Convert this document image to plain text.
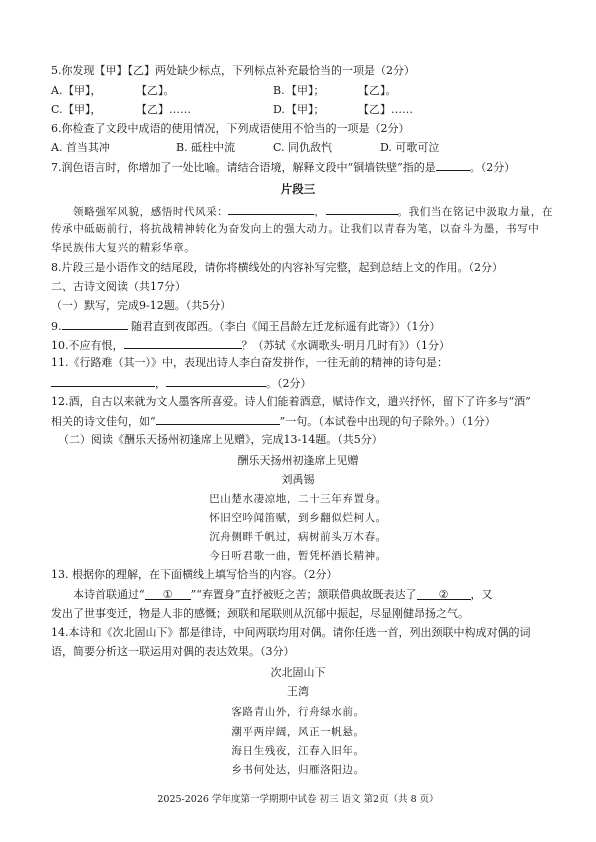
5.你发现【甲】【乙】两处缺少标点，下列标点补充最恰当的一项是（2分）
A. 【甲】，	【乙】。	B. 【甲】；	【乙】。
C. 【甲】，	【乙】……	D. 【甲】；	【乙】……
6.你检查了文段中成语的使用情况，下列成语使用不恰当的一项是（2分）
A. 首当其冲	B. 砥柱中流	C. 同仇敌忾	D. 可歌可泣
7.润色语言时，你增加了一处比喻。请结合语境，解释文段中“铜墙铁壁”指的是	。（2分）
片段三
领略强军风貌，感悟时代风采：	，	。我们当在铭记中汲取力量，在
传承中砥砺前行，将抗战精神转化为奋发向上的强大动力。让我们以青春为笔，以奋斗为墨，书写中
华民族伟大复兴的精彩华章。
8.片段三是小语作文的结尾段，请你将横线处的内容补写完整，起到总结上文的作用。（2分）
二、古诗文阅读（共17分）
（一）默写，完成9-12题。（共5分）
9.	随君直到夜郎西。（李白《闻王昌龄左迁龙标遥有此寄》）（1分）
10.不应有恨，	？（苏轼《水调歌头·明月几时有》）（1分）
11.《行路难（其一）》中，表现出诗人李白奋发拼作，一往无前的精神的诗句是：
，	。（2分）
12.酒，自古以来就为文人墨客所喜爱。诗人们能着酒意，赋诗作文，遣兴抒怀，留下了许多与“酒”
相关的诗文佳句，如“	”一句。（本试卷中出现的句子除外。）（1分）
（二）阅读《酬乐天扬州初逢席上见赠》，完成13-14题。（共5分）
酬乐天扬州初逢席上见赠
刘禹锡
巴山楚水凄凉地，二十三年弃置身。
怀旧空吟闻笛赋，到乡翻似烂柯人。
沉舟侧畔千帆过，病树前头万木春。
今日听君歌一曲，暂凭杯酒长精神。
13. 根据你的理解，在下面横线上填写恰当的内容。（2分）
本诗首联通过“ ① ”“弃置身”直抒被贬之苦；颔联借典故既表达了 ② ，又
发出了世事变迁，物是人非的感慨；颈联和尾联则从沉郁中振起，尽显刚健昂扬之气。
14.本诗和《次北固山下》都是律诗，中间两联均用对偶。请你任选一首，列出颈联中构成对偶的词
语，简要分析这一联运用对偶的表达效果。（3分）
次北固山下
王湾
客路青山外，行舟绿水前。
潮平两岸阔，风正一帆悬。
海日生残夜，江春入旧年。
乡书何处达，归雁洛阳边。
2025-2026 学年度第一学期期中试卷 初三 语文 第2页（共 8 页）
